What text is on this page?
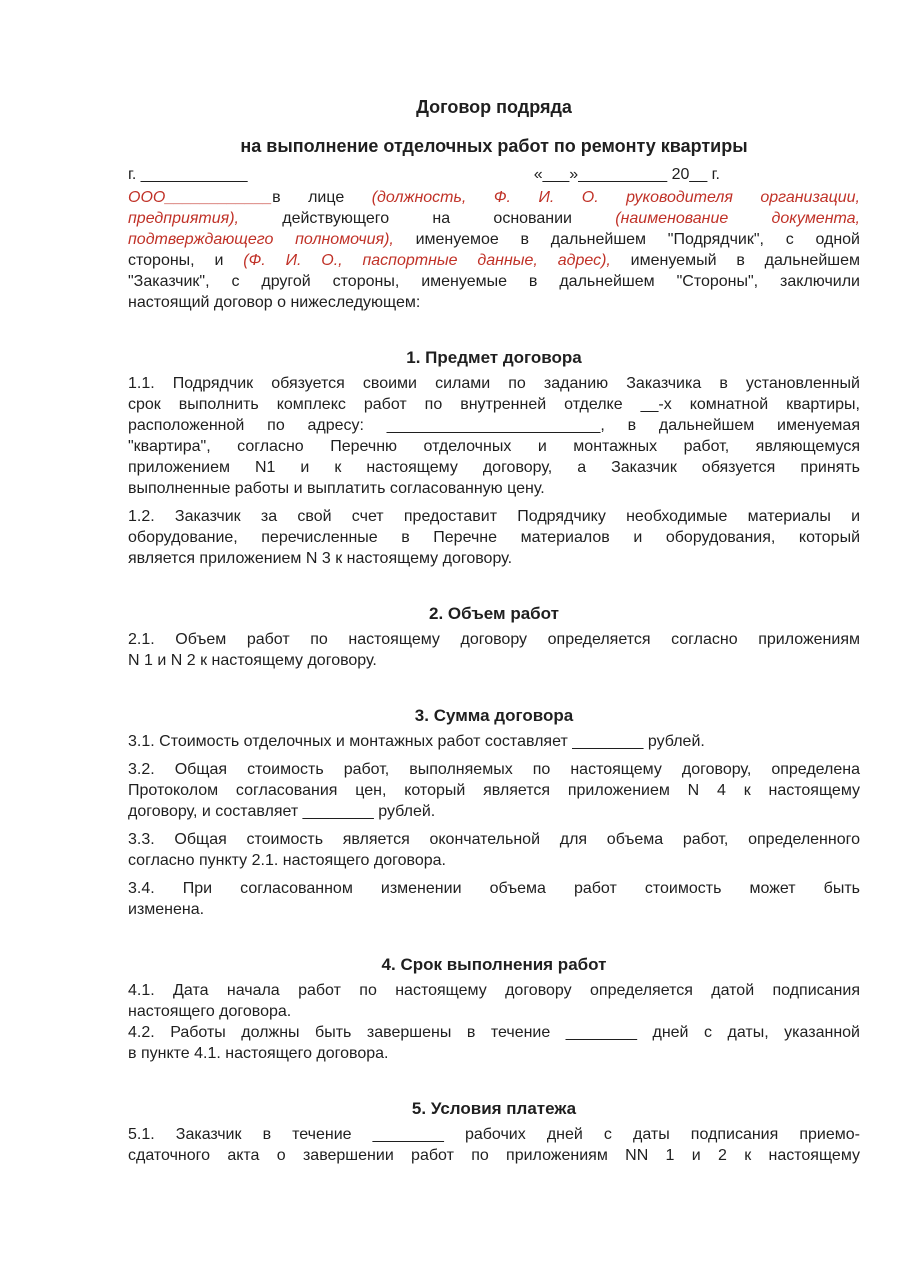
Договор подряда
на выполнение отделочных работ по ремонту квартиры
г. ____________	«___»__________ 20__ г.
ООО____________в лице (должность, Ф. И. О. руководителя организации,
предприятия), действующего на основании (наименование документа,
подтверждающего полномочия), именуемое в дальнейшем "Подрядчик", с одной
стороны, и (Ф. И. О., паспортные данные, адрес), именуемый в дальнейшем
"Заказчик", с другой стороны, именуемые в дальнейшем "Стороны", заключили
настоящий договор о нижеследующем:
1. Предмет договора
1.1. Подрядчик обязуется своими силами по заданию Заказчика в установленный
срок выполнить комплекс работ по внутренней отделке __-х комнатной квартиры,
расположенной по адресу: ________________________, в дальнейшем именуемая
"квартира", согласно Перечню отделочных и монтажных работ, являющемуся
приложением N1 и к настоящему договору, а Заказчик обязуется принять
выполненные работы и выплатить согласованную цену.
1.2. Заказчик за свой счет предоставит Подрядчику необходимые материалы и
оборудование, перечисленные в Перечне материалов и оборудования, который
является приложением N 3 к настоящему договору.
2. Объем работ
2.1. Объем работ по настоящему договору определяется согласно приложениям
N 1 и N 2 к настоящему договору.
3. Сумма договора
3.1. Стоимость отделочных и монтажных работ составляет ________ рублей.
3.2. Общая стоимость работ, выполняемых по настоящему договору, определена
Протоколом согласования цен, который является приложением N 4 к настоящему
договору, и составляет ________ рублей.
3.3. Общая стоимость является окончательной для объема работ, определенного
согласно пункту 2.1. настоящего договора.
3.4. При согласованном изменении объема работ стоимость может быть
изменена.
4. Срок выполнения работ
4.1. Дата начала работ по настоящему договору определяется датой подписания
настоящего договора.
4.2. Работы должны быть завершены в течение ________ дней с даты, указанной
в пункте 4.1. настоящего договора.
5. Условия платежа
5.1. Заказчик в течение ________ рабочих дней с даты подписания приемо-
сдаточного акта о завершении работ по приложениям NN 1 и 2 к настоящему
